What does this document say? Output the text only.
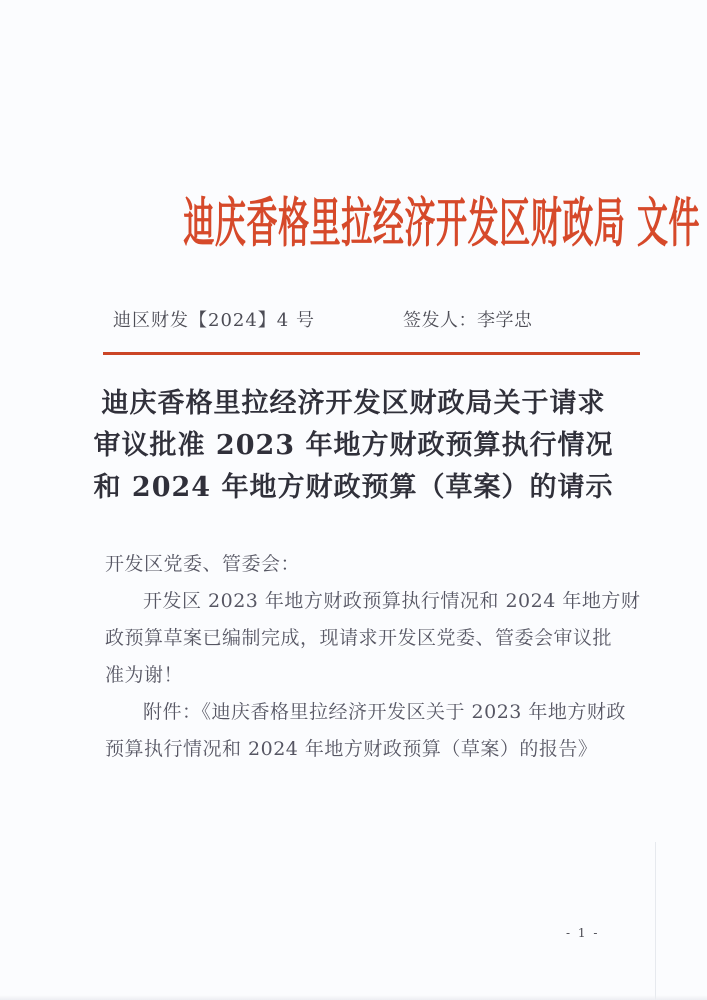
迪庆香格里拉经济开发区财政局 文件
迪区财发【2024】4 号	签发人：李学忠
迪庆香格里拉经济开发区财政局关于请求
审议批准 2023 年地方财政预算执行情况
和 2024 年地方财政预算（草案）的请示
开发区党委、管委会：
开发区 2023 年地方财政预算执行情况和 2024 年地方财
政预算草案已编制完成，现请求开发区党委、管委会审议批
准为谢！
附件：《迪庆香格里拉经济开发区关于 2023 年地方财政
预算执行情况和 2024 年地方财政预算（草案）的报告》
- 1 -
